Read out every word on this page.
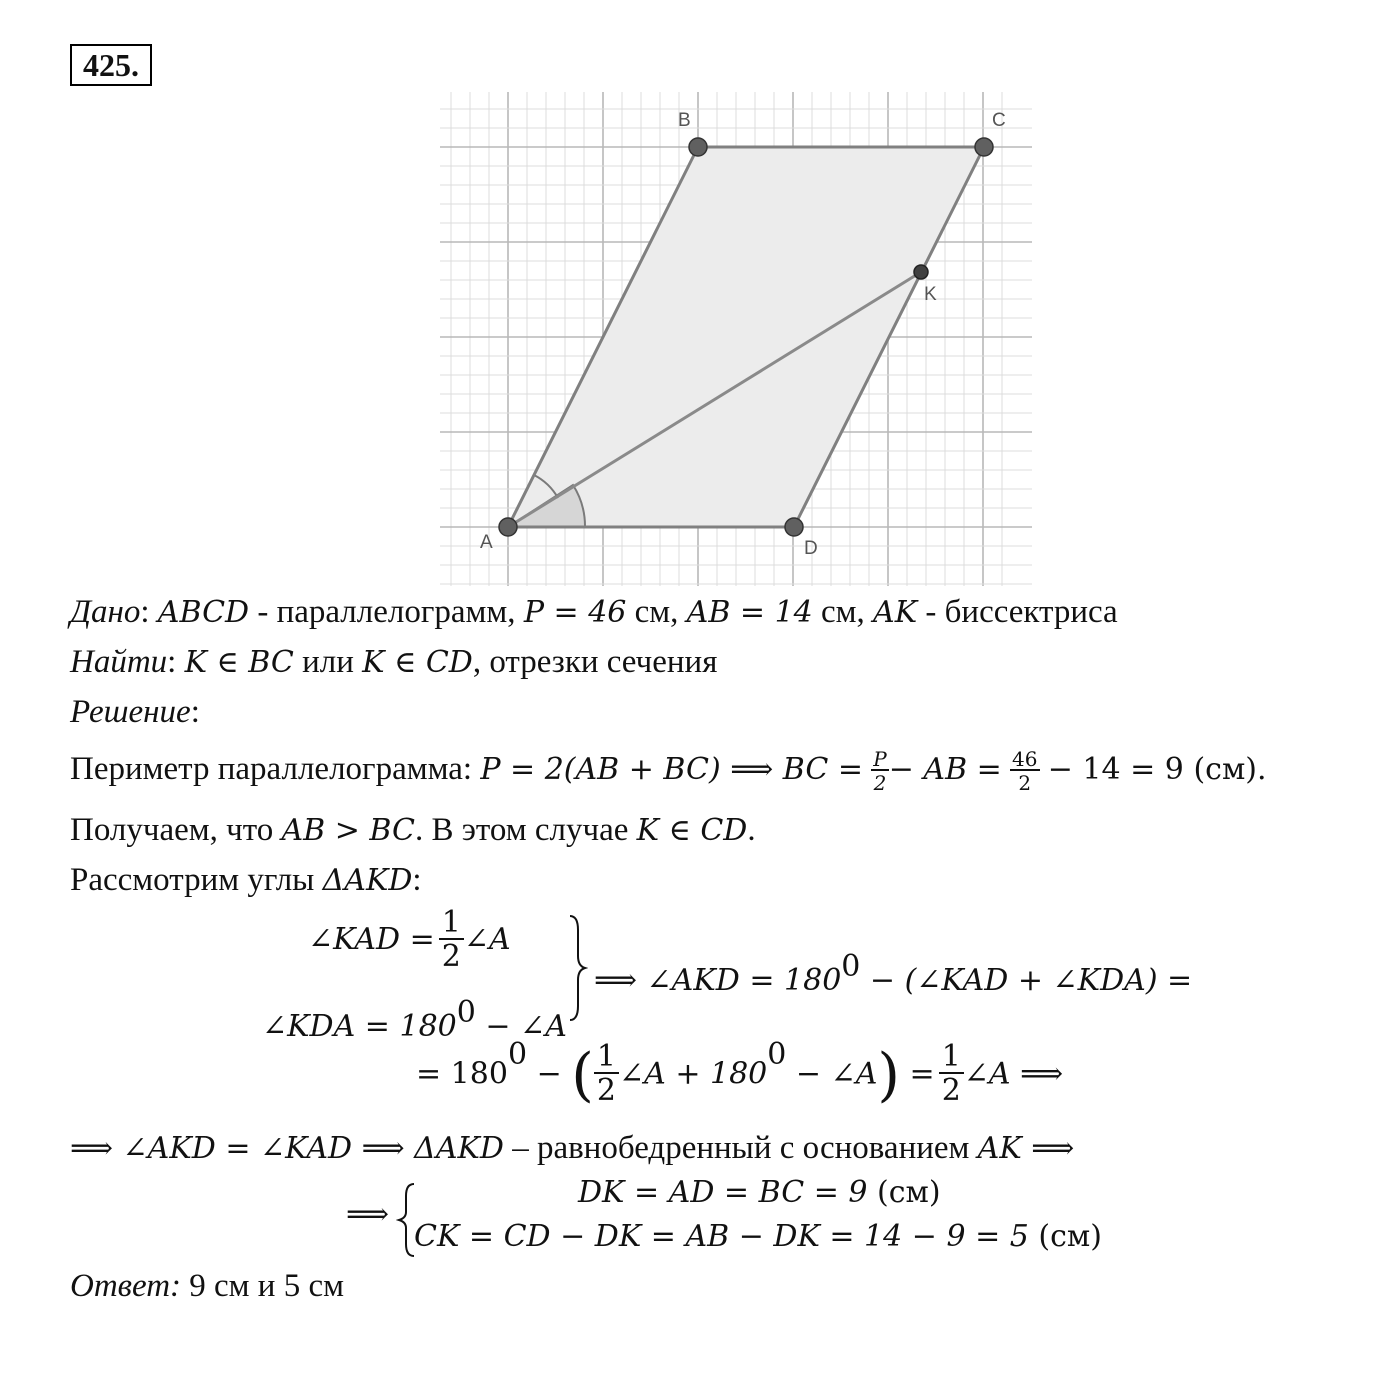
425.
B	C
K
A	D
Дано: ABCD - параллелограмм, P = 46 см, AB = 14 см, AK - биссектриса
Найти: K ∈ BC или K ∈ CD, отрезки сечения
Решение:
Периметр параллелограмма: P = 2(AB + BC) ⟹ BC = $\frac{P}{2}$ − AB = $\frac{46}{2} - 14 = 9$ (см).
Получаем, что AB > BC. В этом случае K ∈ CD.
Рассмотрим углы ΔAKD:
∠KAD = $\frac{1}{2}$ ∠A
∠KDA = $180^0$ − ∠A
⟹ ∠AKD = $180^0$ − (∠KAD + ∠KDA) =
= $180^0$ − ( $\frac{1}{2}$ ∠A + $180^0$ − ∠A) = $\frac{1}{2}$ ∠A ⟹
⟹ ∠AKD = ∠KAD ⟹ ΔAKD – равнобедренный с основанием AK ⟹
⟹
DK = AD = BC = 9 (см)
CK = CD − DK = AB − DK = 14 − 9 = 5 (см)
Ответ: 9 см и 5 см
